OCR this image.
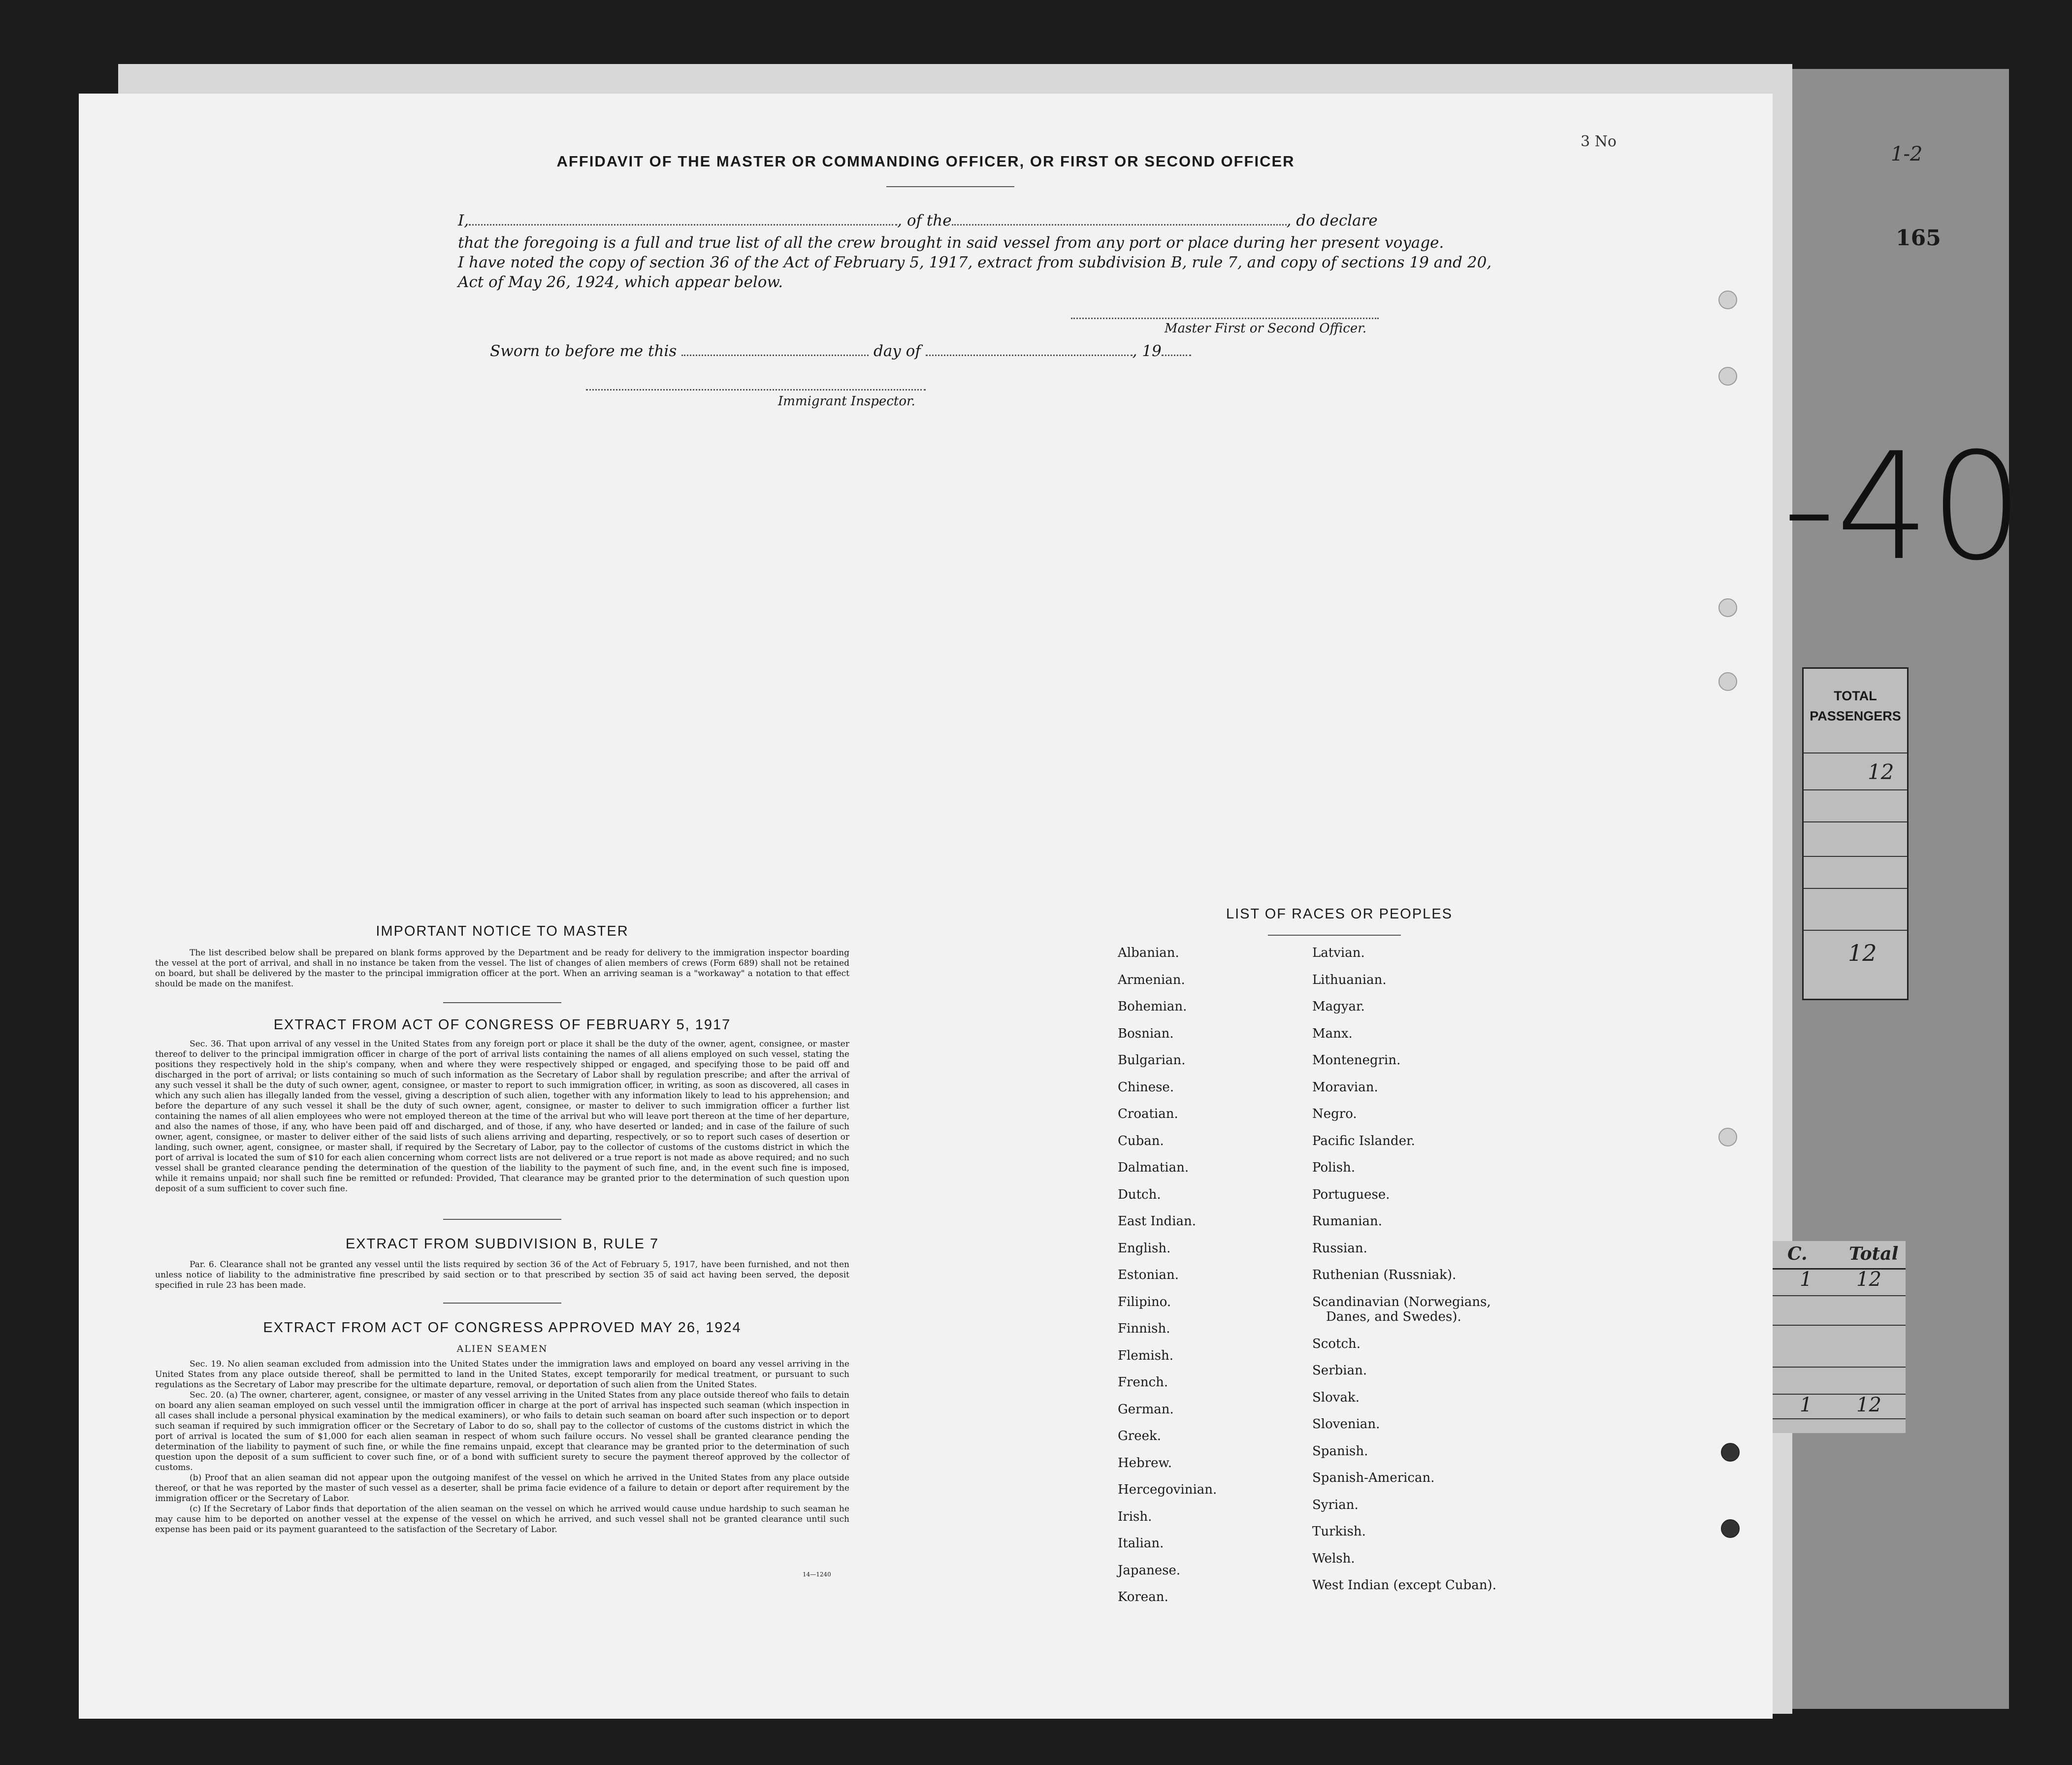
1-2
165
-40
TOTAL
PASSENGERS
12
12
C. Total
1 12
1 12
3 No
AFFIDAVIT OF THE MASTER OR COMMANDING OFFICER, OR FIRST OR SECOND OFFICER
I,	, of the	, do declare
that the foregoing is a full and true list of all the crew brought in said vessel from any port or place during her present voyage.
I have noted the copy of section 36 of the Act of February 5, 1917, extract from subdivision B, rule 7, and copy of sections 19 and 20,
Act of May 26, 1924, which appear below.
Master First or Second Officer.
Sworn to before me this	day of	, 19
Immigrant Inspector.
IMPORTANT NOTICE TO MASTER
The list described below shall be prepared on blank forms approved by the Department and be ready for delivery to the immigration inspector boarding the vessel at the port of arrival, and shall in no instance be taken from the vessel. The list of changes of alien members of crews (Form 689) shall not be retained on board, but shall be delivered by the master to the principal immigration officer at the port. When an arriving seaman is a "workaway" a notation to that effect should be made on the manifest.
EXTRACT FROM ACT OF CONGRESS OF FEBRUARY 5, 1917
Sec. 36. That upon arrival of any vessel in the United States from any foreign port or place it shall be the duty of the owner, agent, consignee, or master thereof to deliver to the principal immigration officer in charge of the port of arrival lists containing the names of all aliens employed on such vessel, stating the positions they respectively hold in the ship's company, when and where they were respectively shipped or engaged, and specifying those to be paid off and discharged in the port of arrival; or lists containing so much of such information as the Secretary of Labor shall by regulation prescribe; and after the arrival of any such vessel it shall be the duty of such owner, agent, consignee, or master to report to such immigration officer, in writing, as soon as discovered, all cases in which any such alien has illegally landed from the vessel, giving a description of such alien, together with any information likely to lead to his apprehension; and before the departure of any such vessel it shall be the duty of such owner, agent, consignee, or master to deliver to such immigration officer a further list containing the names of all alien employees who were not employed thereon at the time of the arrival but who will leave port thereon at the time of her departure, and also the names of those, if any, who have been paid off and discharged, and of those, if any, who have deserted or landed; and in case of the failure of such owner, agent, consignee, or master to deliver either of the said lists of such aliens arriving and departing, respectively, or so to report such cases of desertion or landing, such owner, agent, consignee, or master shall, if required by the Secretary of Labor, pay to the collector of customs of the customs district in which the port of arrival is located the sum of $10 for each alien concerning whom correct lists are not delivered or a true report is not made as above required; and no such vessel shall be granted clearance pending the determination of the question of the liability to the payment of such fine, and, in the event such fine is imposed, while it remains unpaid; nor shall such fine be remitted or refunded: Provided, That clearance may be granted prior to the determination of such question upon deposit of a sum sufficient to cover such fine.
EXTRACT FROM SUBDIVISION B, RULE 7
Par. 6. Clearance shall not be granted any vessel until the lists required by section 36 of the Act of February 5, 1917, have been furnished, and not then unless notice of liability to the administrative fine prescribed by said section or to that prescribed by section 35 of said act having been served, the deposit specified in rule 23 has been made.
EXTRACT FROM ACT OF CONGRESS APPROVED MAY 26, 1924
ALIEN SEAMEN
Sec. 19. No alien seaman excluded from admission into the United States under the immigration laws and employed on board any vessel arriving in the United States from any place outside thereof, shall be permitted to land in the United States, except temporarily for medical treatment, or pursuant to such regulations as the Secretary of Labor may prescribe for the ultimate departure, removal, or deportation of such alien from the United States.
Sec. 20. (a) The owner, charterer, agent, consignee, or master of any vessel arriving in the United States from any place outside thereof who fails to detain on board any alien seaman employed on such vessel until the immigration officer in charge at the port of arrival has inspected such seaman (which inspection in all cases shall include a personal physical examination by the medical examiners), or who fails to detain such seaman on board after such inspection or to deport such seaman if required by such immigration officer or the Secretary of Labor to do so, shall pay to the collector of customs of the customs district in which the port of arrival is located the sum of $1,000 for each alien seaman in respect of whom such failure occurs. No vessel shall be granted clearance pending the determination of the liability to payment of such fine, or while the fine remains unpaid, except that clearance may be granted prior to the determination of such question upon the deposit of a sum sufficient to cover such fine, or of a bond with sufficient surety to secure the payment thereof approved by the collector of customs.
(b) Proof that an alien seaman did not appear upon the outgoing manifest of the vessel on which he arrived in the United States from any place outside thereof, or that he was reported by the master of such vessel as a deserter, shall be prima facie evidence of a failure to detain or deport after requirement by the immigration officer or the Secretary of Labor.
(c) If the Secretary of Labor finds that deportation of the alien seaman on the vessel on which he arrived would cause undue hardship to such seaman he may cause him to be deported on another vessel at the expense of the vessel on which he arrived, and such vessel shall not be granted clearance until such expense has been paid or its payment guaranteed to the satisfaction of the Secretary of Labor.
14—1240
LIST OF RACES OR PEOPLES
Albanian.
Armenian.
Bohemian.
Bosnian.
Bulgarian.
Chinese.
Croatian.
Cuban.
Dalmatian.
Dutch.
East Indian.
English.
Estonian.
Filipino.
Finnish.
Flemish.
French.
German.
Greek.
Hebrew.
Hercegovinian.
Irish.
Italian.
Japanese.
Korean.
Latvian.
Lithuanian.
Magyar.
Manx.
Montenegrin.
Moravian.
Negro.
Pacific Islander.
Polish.
Portuguese.
Rumanian.
Russian.
Ruthenian (Russniak).
Scandinavian (Norwegians,
Danes, and Swedes).
Scotch.
Serbian.
Slovak.
Slovenian.
Spanish.
Spanish-American.
Syrian.
Turkish.
Welsh.
West Indian (except Cuban).
